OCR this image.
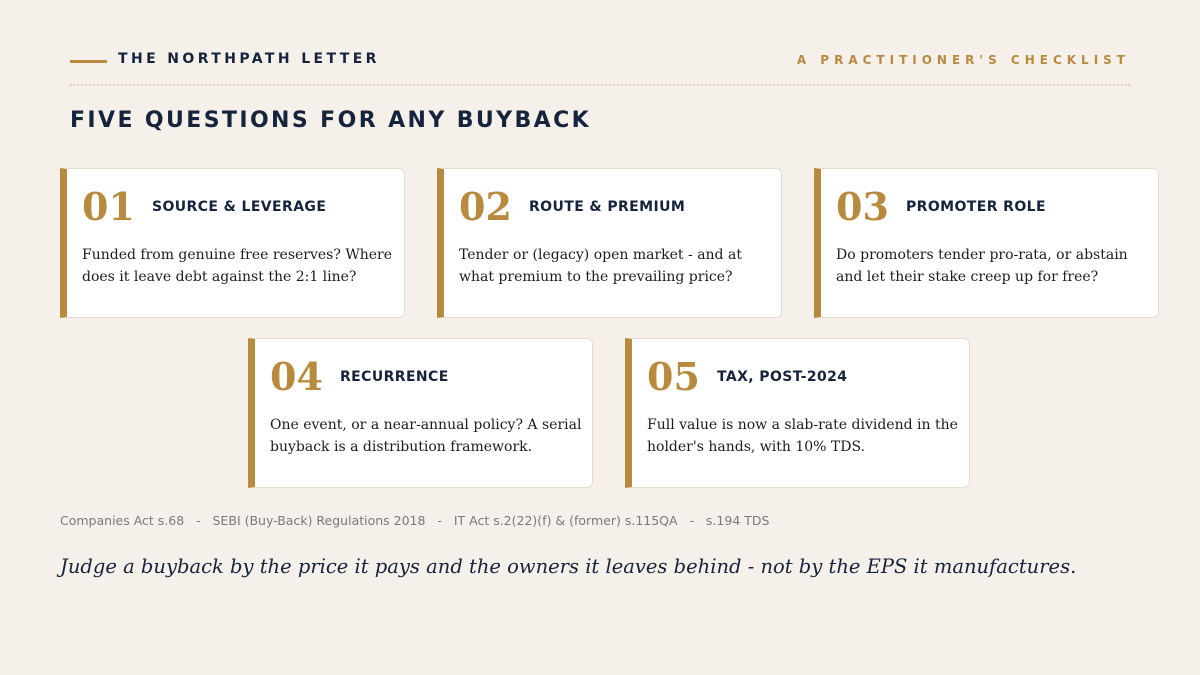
THE NORTHPATH LETTER	A PRACTITIONER'S CHECKLIST
FIVE QUESTIONS FOR ANY BUYBACK
01 SOURCE & LEVERAGE
Funded from genuine free reserves? Where does it leave debt against the 2:1 line?
02 ROUTE & PREMIUM
Tender or (legacy) open market - and at what premium to the prevailing price?
03 PROMOTER ROLE
Do promoters tender pro-rata, or abstain and let their stake creep up for free?
04 RECURRENCE
One event, or a near-annual policy? A serial buyback is a distribution framework.
05 TAX, POST-2024
Full value is now a slab-rate dividend in the holder's hands, with 10% TDS.
Companies Act s.68   -   SEBI (Buy-Back) Regulations 2018   -   IT Act s.2(22)(f) & (former) s.115QA   -   s.194 TDS
Judge a buyback by the price it pays and the owners it leaves behind - not by the EPS it manufactures.
